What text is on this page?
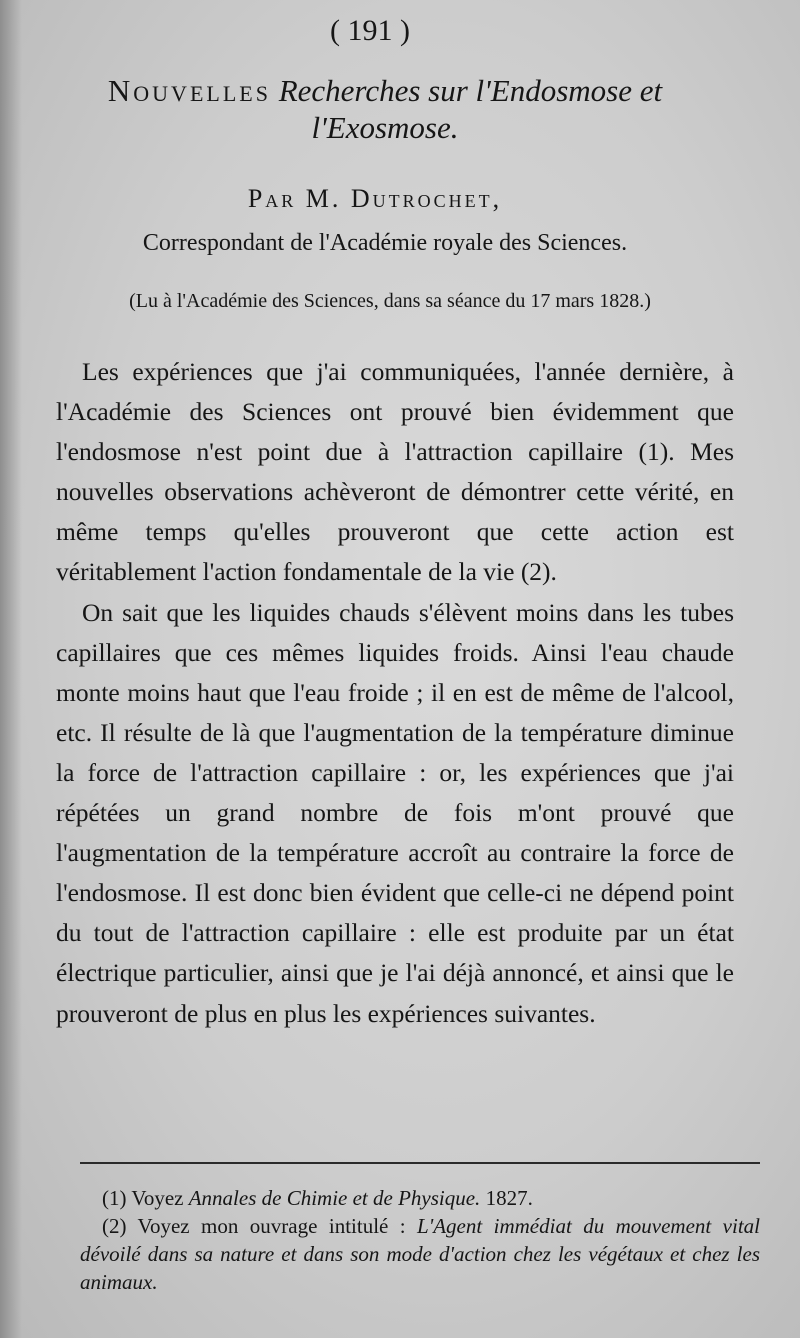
( 191 )
Nouvelles Recherches sur l'Endosmose et l'Exosmose.
Par M. Dutrochet,
Correspondant de l'Académie royale des Sciences.
(Lu à l'Académie des Sciences, dans sa séance du 17 mars 1828.)

Les expériences que j'ai communiquées, l'année dernière, à l'Académie des Sciences ont prouvé bien évidemment que l'endosmose n'est point due à l'attraction capillaire (1). Mes nouvelles observations achèveront de démontrer cette vérité, en même temps qu'elles prouveront que cette action est véritablement l'action fondamentale de la vie (2).

On sait que les liquides chauds s'élèvent moins dans les tubes capillaires que ces mêmes liquides froids. Ainsi l'eau chaude monte moins haut que l'eau froide ; il en est de même de l'alcool, etc. Il résulte de là que l'augmentation de la température diminue la force de l'attraction capillaire : or, les expériences que j'ai répétées un grand nombre de fois m'ont prouvé que l'augmentation de la température accroît au contraire la force de l'endosmose. Il est donc bien évident que celle-ci ne dépend point du tout de l'attraction capillaire : elle est produite par un état électrique particulier, ainsi que je l'ai déjà annoncé, et ainsi que le prouveront de plus en plus les expériences suivantes.

(1) Voyez Annales de Chimie et de Physique. 1827.

(2) Voyez mon ouvrage intitulé : L'Agent immédiat du mouvement vital dévoilé dans sa nature et dans son mode d'action chez les végétaux et chez les animaux.
